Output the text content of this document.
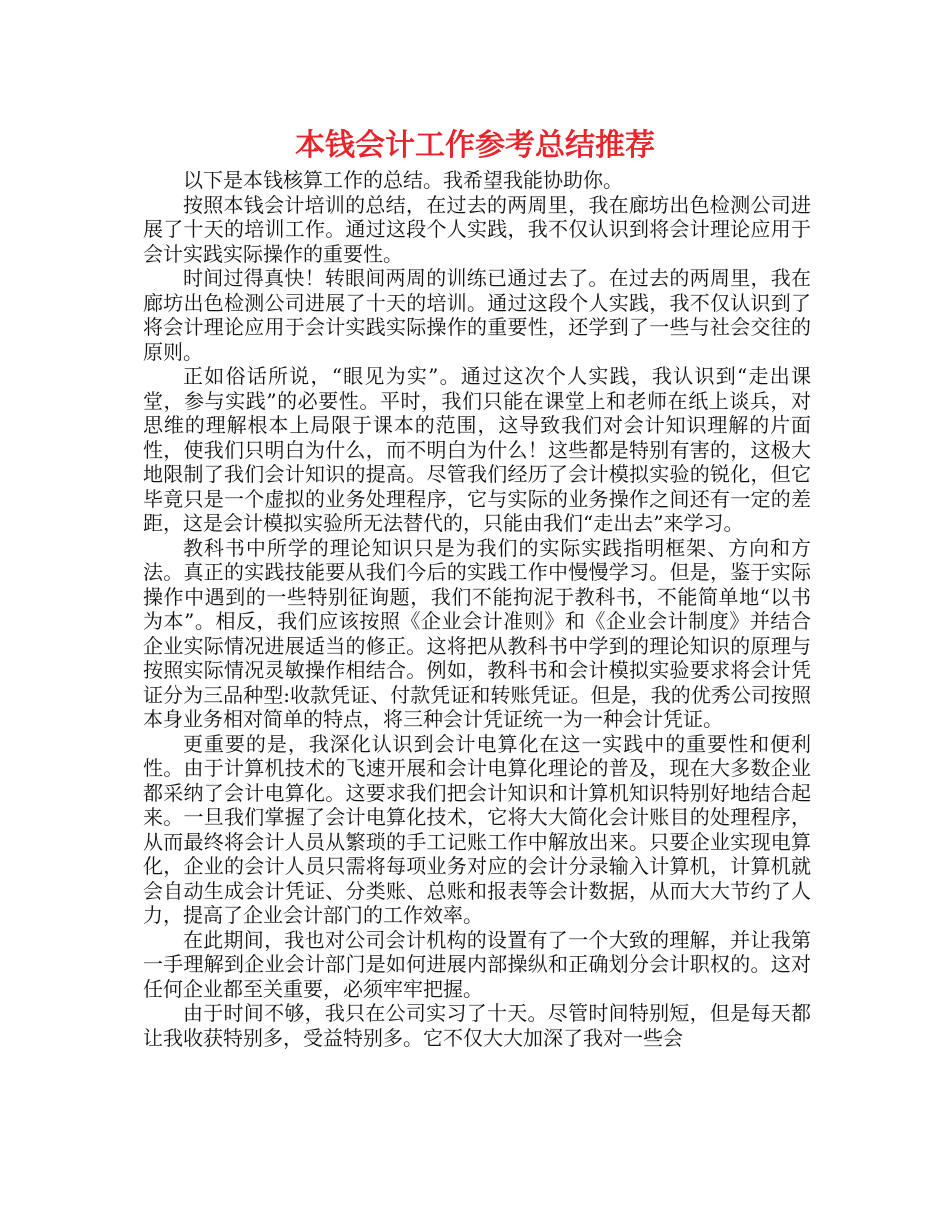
本钱会计工作参考总结推荐

以下是本钱核算工作的总结。我希望我能协助你。

按照本钱会计培训的总结，在过去的两周里，我在廊坊出色检测公司进展了十天的培训工作。通过这段个人实践，我不仅认识到将会计理论应用于会计实践实际操作的重要性。

时间过得真快！转眼间两周的训练已通过去了。在过去的两周里，我在廊坊出色检测公司进展了十天的培训。通过这段个人实践，我不仅认识到了将会计理论应用于会计实践实际操作的重要性，还学到了一些与社会交往的原则。

正如俗话所说，“眼见为实”。通过这次个人实践，我认识到“走出课堂，参与实践”的必要性。平时，我们只能在课堂上和老师在纸上谈兵，对思维的理解根本上局限于课本的范围，这导致我们对会计知识理解的片面性，使我们只明白为什么，而不明白为什么！这些都是特别有害的，这极大地限制了我们会计知识的提高。尽管我们经历了会计模拟实验的锐化，但它毕竟只是一个虚拟的业务处理程序，它与实际的业务操作之间还有一定的差距，这是会计模拟实验所无法替代的，只能由我们“走出去”来学习。

教科书中所学的理论知识只是为我们的实际实践指明框架、方向和方法。真正的实践技能要从我们今后的实践工作中慢慢学习。但是，鉴于实际操作中遇到的一些特别征询题，我们不能拘泥于教科书，不能简单地“以书为本”。相反，我们应该按照《企业会计准则》和《企业会计制度》并结合企业实际情况进展适当的修正。这将把从教科书中学到的理论知识的原理与按照实际情况灵敏操作相结合。例如，教科书和会计模拟实验要求将会计凭证分为三品种型:收款凭证、付款凭证和转账凭证。但是，我的优秀公司按照本身业务相对简单的特点，将三种会计凭证统一为一种会计凭证。

更重要的是，我深化认识到会计电算化在这一实践中的重要性和便利性。由于计算机技术的飞速开展和会计电算化理论的普及，现在大多数企业都采纳了会计电算化。这要求我们把会计知识和计算机知识特别好地结合起来。一旦我们掌握了会计电算化技术，它将大大简化会计账目的处理程序，从而最终将会计人员从繁琐的手工记账工作中解放出来。只要企业实现电算化，企业的会计人员只需将每项业务对应的会计分录输入计算机，计算机就会自动生成会计凭证、分类账、总账和报表等会计数据，从而大大节约了人力，提高了企业会计部门的工作效率。

在此期间，我也对公司会计机构的设置有了一个大致的理解，并让我第一手理解到企业会计部门是如何进展内部操纵和正确划分会计职权的。这对任何企业都至关重要，必须牢牢把握。

由于时间不够，我只在公司实习了十天。尽管时间特别短，但是每天都让我收获特别多，受益特别多。它不仅大大加深了我对一些会
